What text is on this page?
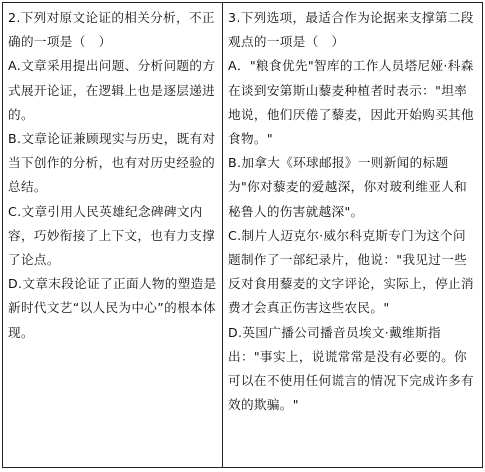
2.下列对原文论证的相关分析，不正确的一项是（　）

A.文章采用提出问题、分析问题的方式展开论证，在逻辑上也是逐层递进的。

B.文章论证兼顾现实与历史，既有对当下创作的分析，也有对历史经验的总结。

C.文章引用人民英雄纪念碑碑文内容，巧妙衔接了上下文，也有力支撑了论点。

D.文章末段论证了正面人物的塑造是新时代文艺“以人民为中心”的根本体现。

3.下列选项，最适合作为论据来支撑第二段观点的一项是（　）

A．"粮食优先"智库的工作人员塔尼娅·科森在谈到安第斯山藜麦种植者时表示："坦率地说，他们厌倦了藜麦，因此开始购买其他食物。"

B.加拿大《环球邮报》一则新闻的标题为"你对藜麦的爱越深，你对玻利维亚人和秘鲁人的伤害就越深"。

C.制片人迈克尔·威尔科克斯专门为这个问题制作了一部纪录片，他说："我见过一些反对食用藜麦的文字评论，实际上，停止消费才会真正伤害这些农民。"

D.英国广播公司播音员埃文·戴维斯指出："事实上，说谎常常是没有必要的。你可以在不使用任何谎言的情况下完成许多有效的欺骗。"
